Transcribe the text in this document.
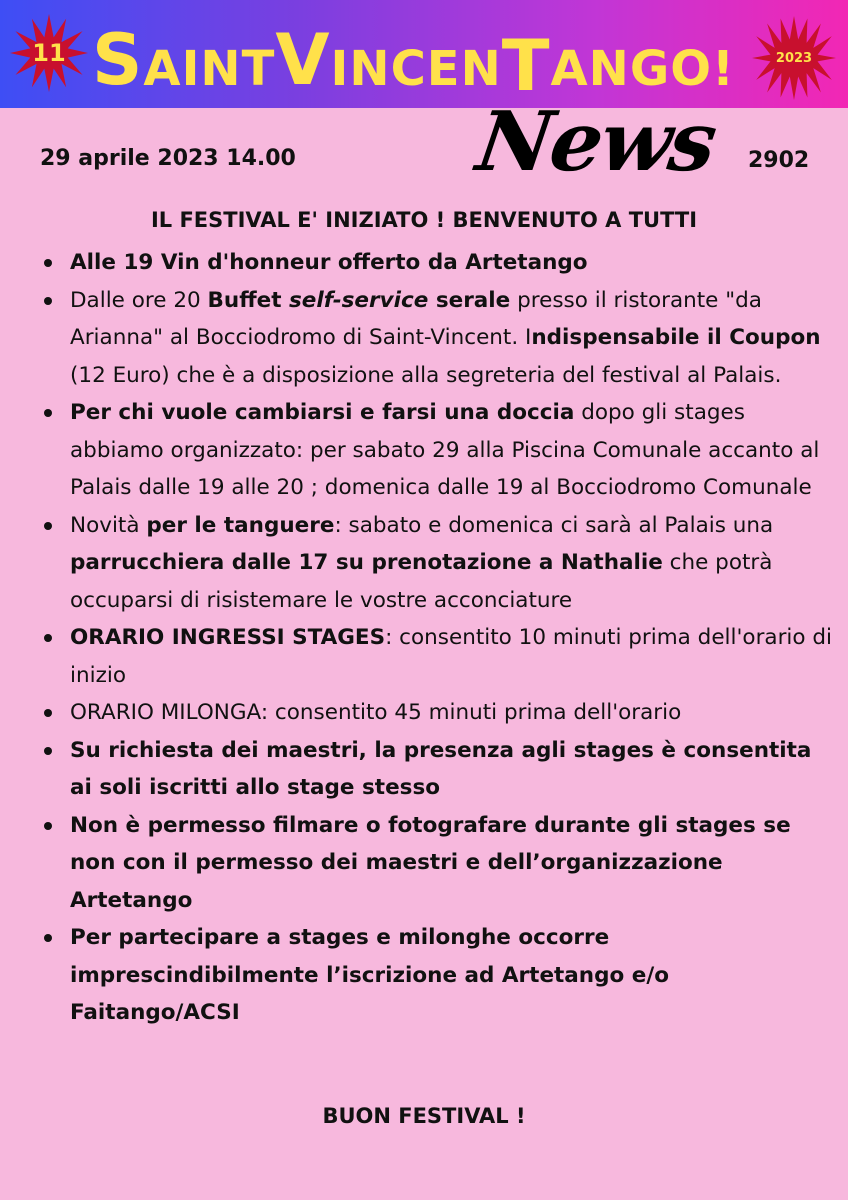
11 S AINT V INCEN T ANGO!	2023
29 aprile 2023 14.00 News 2902
IL FESTIVAL E' INIZIATO ! BENVENUTO A TUTTI
Alle 19 Vin d'honneur offerto da Artetango
Dalle ore 20 Buffet self-service serale presso il ristorante "da Arianna" al Bocciodromo di Saint-Vincent. Indispensabile il Coupon (12 Euro) che è a disposizione alla segreteria del festival al Palais.
Per chi vuole cambiarsi e farsi una doccia dopo gli stages abbiamo organizzato: per sabato 29 alla Piscina Comunale accanto al Palais dalle 19 alle 20 ; domenica dalle 19 al Bocciodromo Comunale
Novità per le tanguere: sabato e domenica ci sarà al Palais una parrucchiera dalle 17 su prenotazione a Nathalie che potrà occuparsi di risistemare le vostre acconciature
ORARIO INGRESSI STAGES: consentito 10 minuti prima dell'orario di inizio
ORARIO MILONGA: consentito 45 minuti prima dell'orario
Su richiesta dei maestri, la presenza agli stages è consentita ai soli iscritti allo stage stesso
Non è permesso filmare o fotografare durante gli stages se non con il permesso dei maestri e dell’organizzazione Artetango
Per partecipare a stages e milonghe occorre imprescindibilmente l’iscrizione ad Artetango e/o Faitango/ACSI
BUON FESTIVAL !
